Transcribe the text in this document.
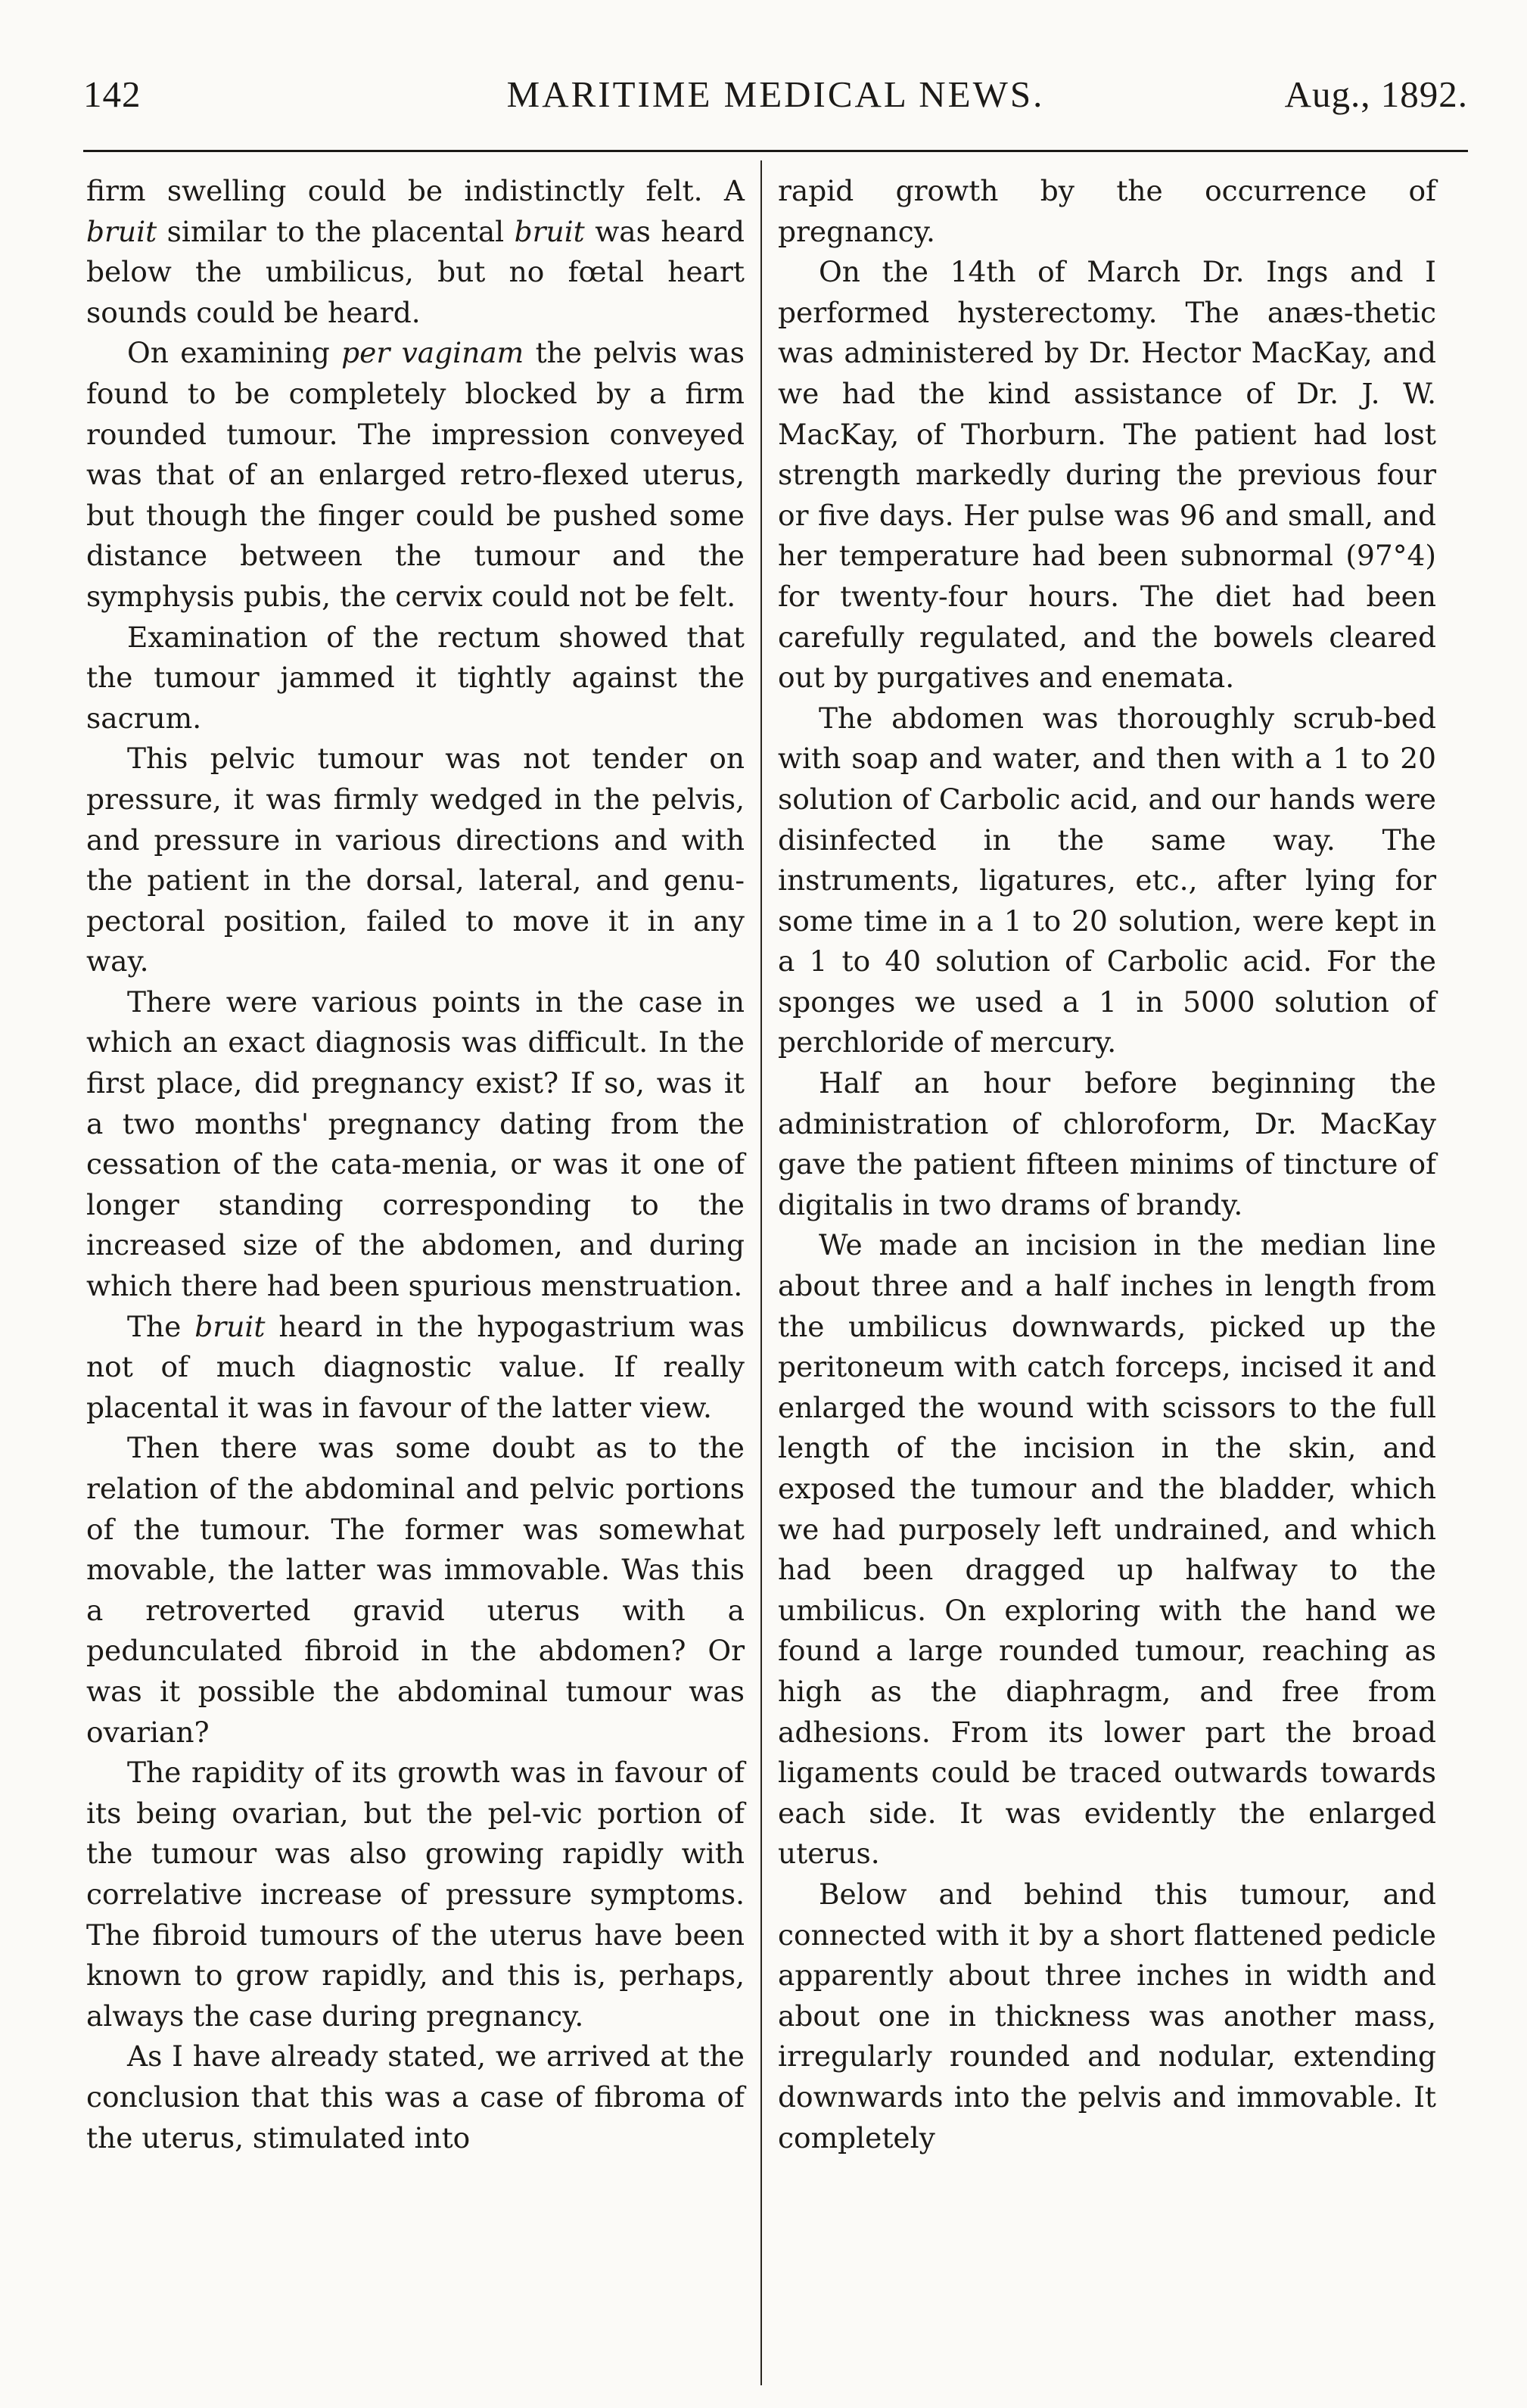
142	MARITIME MEDICAL NEWS.	Aug., 1892.

firm swelling could be indistinctly felt. A bruit similar to the placental bruit was heard below the umbilicus, but no fœtal heart sounds could be heard.

On examining per vaginam the pelvis was found to be completely blocked by a firm rounded tumour. The impression conveyed was that of an enlarged retro-flexed uterus, but though the finger could be pushed some distance between the tumour and the symphysis pubis, the cervix could not be felt.

Examination of the rectum showed that the tumour jammed it tightly against the sacrum.

This pelvic tumour was not tender on pressure, it was firmly wedged in the pelvis, and pressure in various directions and with the patient in the dorsal, lateral, and genu-pectoral position, failed to move it in any way.

There were various points in the case in which an exact diagnosis was difficult. In the first place, did pregnancy exist? If so, was it a two months' pregnancy dating from the cessation of the cata-menia, or was it one of longer standing corresponding to the increased size of the abdomen, and during which there had been spurious menstruation.

The bruit heard in the hypogastrium was not of much diagnostic value. If really placental it was in favour of the latter view.

Then there was some doubt as to the relation of the abdominal and pelvic portions of the tumour. The former was somewhat movable, the latter was immovable. Was this a retroverted gravid uterus with a pedunculated fibroid in the abdomen? Or was it possible the abdominal tumour was ovarian?

The rapidity of its growth was in favour of its being ovarian, but the pel-vic portion of the tumour was also growing rapidly with correlative increase of pressure symptoms. The fibroid tumours of the uterus have been known to grow rapidly, and this is, perhaps, always the case during pregnancy.

As I have already stated, we arrived at the conclusion that this was a case of fibroma of the uterus, stimulated into

rapid growth by the occurrence of pregnancy.

On the 14th of March Dr. Ings and I performed hysterectomy. The anæs-thetic was administered by Dr. Hector MacKay, and we had the kind assistance of Dr. J. W. MacKay, of Thorburn. The patient had lost strength markedly during the previous four or five days. Her pulse was 96 and small, and her temperature had been subnormal (97°4) for twenty-four hours. The diet had been carefully regulated, and the bowels cleared out by purgatives and enemata.

The abdomen was thoroughly scrub-bed with soap and water, and then with a 1 to 20 solution of Carbolic acid, and our hands were disinfected in the same way. The instruments, ligatures, etc., after lying for some time in a 1 to 20 solution, were kept in a 1 to 40 solution of Carbolic acid. For the sponges we used a 1 in 5000 solution of perchloride of mercury.

Half an hour before beginning the administration of chloroform, Dr. MacKay gave the patient fifteen minims of tincture of digitalis in two drams of brandy.

We made an incision in the median line about three and a half inches in length from the umbilicus downwards, picked up the peritoneum with catch forceps, incised it and enlarged the wound with scissors to the full length of the incision in the skin, and exposed the tumour and the bladder, which we had purposely left undrained, and which had been dragged up halfway to the umbilicus. On exploring with the hand we found a large rounded tumour, reaching as high as the diaphragm, and free from adhesions. From its lower part the broad ligaments could be traced outwards towards each side. It was evidently the enlarged uterus.

Below and behind this tumour, and connected with it by a short flattened pedicle apparently about three inches in width and about one in thickness was another mass, irregularly rounded and nodular, extending downwards into the pelvis and immovable. It completely
